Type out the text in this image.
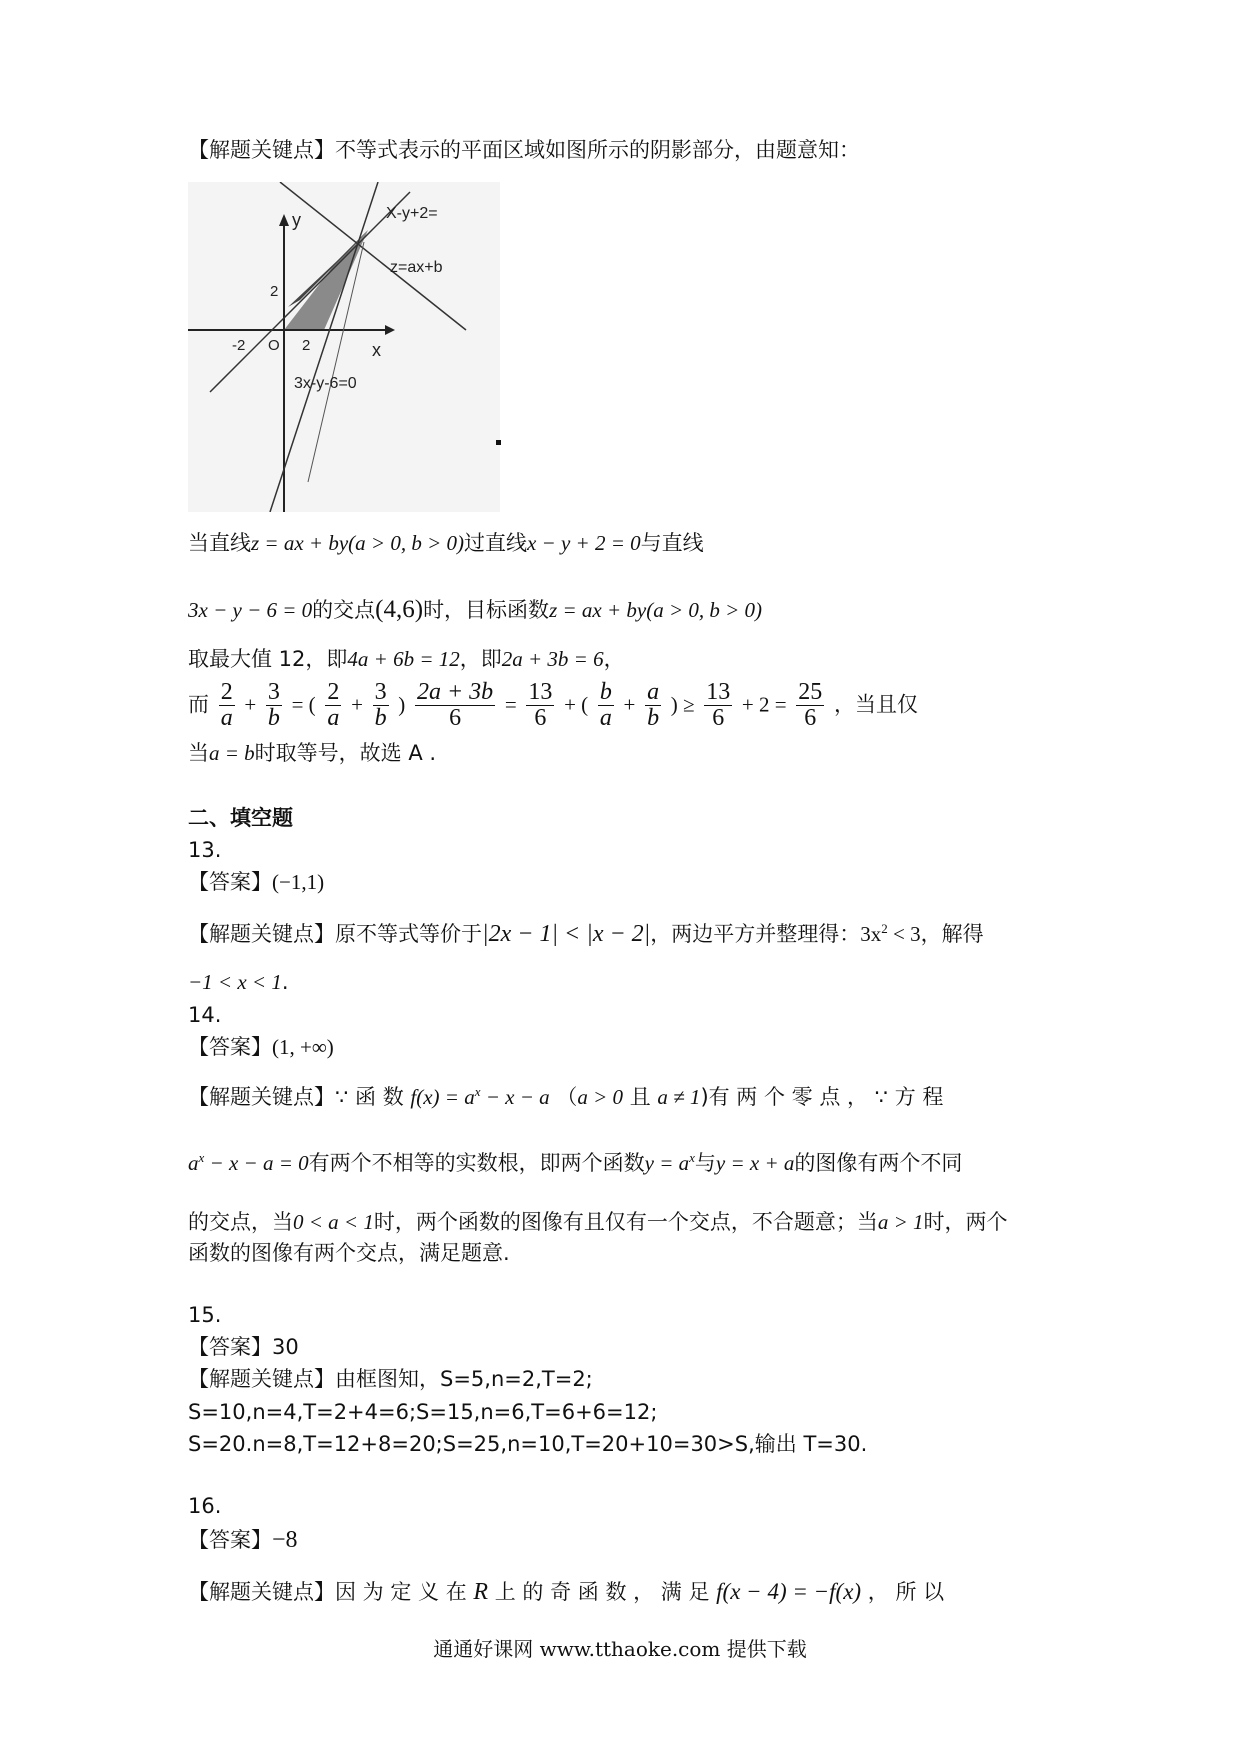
【解题关键点】不等式表示的平面区域如图所示的阴影部分，由题意知：
y
x
O
2
-2	2
X-y+2=
z=ax+b
3x-y-6=0
当直线z = ax + by(a > 0, b > 0)过直线x − y + 2 = 0与直线
3x − y − 6 = 0的交点(4,6)时，目标函数z = ax + by(a > 0, b > 0)
取最大值 12，即4a + 6b = 12，即2a + 3b = 6，
而 $\frac{2}{a} + \frac{3}{b}$ = ( $\frac{2}{a} + \frac{3}{b}$ ) $\frac{2a + 3b}{6} = \frac{13}{6}$ + ( $\frac{b}{a} + \frac{a}{b}$ ) ≥ $\frac{13}{6} + 2 = \frac{25}{6}$ ，当且仅
当a = b时取等号，故选 A .
二、填空题
13.
【答案】(−1,1)
【解题关键点】原不等式等价于|2x − 1| < |x − 2|，两边平方并整理得：$3x^2 < 3$，解得
−1 < x < 1.
14.
【答案】(1, +∞)
【解题关键点】∵ 函 数 $f(x) = a^x - x - a$ （a > 0 且 a ≠ 1)有 两 个 零 点 ， ∵ 方 程
$a^x - x - a = 0$有两个不相等的实数根，即两个函数$y = a^x$与y = x + a的图像有两个不同
的交点，当0 < a < 1时，两个函数的图像有且仅有一个交点，不合题意；当a > 1时，两个
函数的图像有两个交点，满足题意.
15.
【答案】30
【解题关键点】由框图知，S=5,n=2,T=2;
S=10,n=4,T=2+4=6;S=15,n=6,T=6+6=12;
S=20.n=8,T=12+8=20;S=25,n=10,T=20+10=30>S,输出 T=30.
16.
【答案】−8
【解题关键点】因 为 定 义 在 R 上 的 奇 函 数 ， 满 足 f(x − 4) = −f(x) ， 所 以
通通好课网 www.tthaoke.com 提供下载
